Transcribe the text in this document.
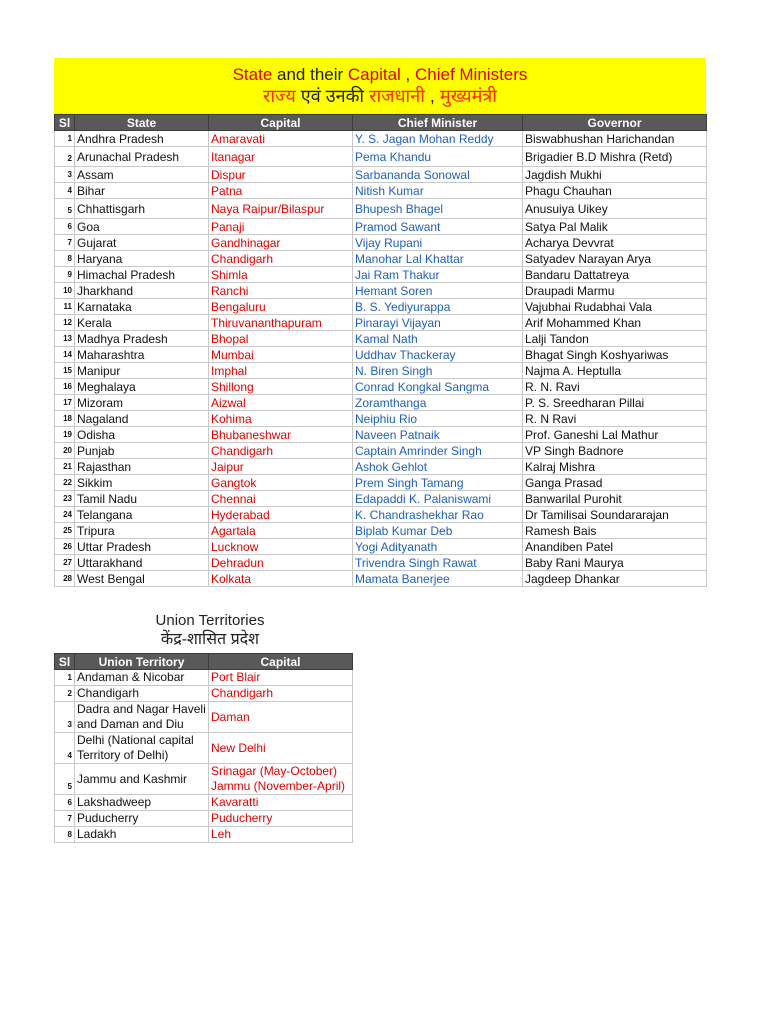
State and their Capital , Chief Ministers
राज्य एवं उनकी राजधानी , मुख्यमंत्री
Sl	State	Capital	Chief Minister	Governor
1	Andhra Pradesh	Amaravati	Y. S. Jagan Mohan Reddy	Biswabhushan Harichandan
2	Arunachal Pradesh	Itanagar	Pema Khandu	Brigadier B.D Mishra (Retd)
3	Assam	Dispur	Sarbananda Sonowal	Jagdish Mukhi
4	Bihar	Patna	Nitish Kumar	Phagu Chauhan
5	Chhattisgarh	Naya Raipur/Bilaspur	Bhupesh Bhagel	Anusuiya Uikey
6	Goa	Panaji	Pramod Sawant	Satya Pal Malik
7	Gujarat	Gandhinagar	Vijay Rupani	Acharya Devvrat
8	Haryana	Chandigarh	Manohar Lal Khattar	Satyadev Narayan Arya
9	Himachal Pradesh	Shimla	Jai Ram Thakur	Bandaru Dattatreya
10	Jharkhand	Ranchi	Hemant Soren	Draupadi Marmu
11	Karnataka	Bengaluru	B. S. Yediyurappa	Vajubhai Rudabhai Vala
12	Kerala	Thiruvananthapuram	Pinarayi Vijayan	Arif Mohammed Khan
13	Madhya Pradesh	Bhopal	Kamal Nath	Lalji Tandon
14	Maharashtra	Mumbai	Uddhav Thackeray	Bhagat Singh Koshyariwas
15	Manipur	Imphal	N. Biren Singh	Najma A. Heptulla
16	Meghalaya	Shillong	Conrad Kongkal Sangma	R. N. Ravi
17	Mizoram	Aizwal	Zoramthanga	P. S. Sreedharan Pillai
18	Nagaland	Kohima	Neiphiu Rio	R. N Ravi
19	Odisha	Bhubaneshwar	Naveen Patnaik	Prof. Ganeshi Lal Mathur
20	Punjab	Chandigarh	Captain Amrinder Singh	VP Singh Badnore
21	Rajasthan	Jaipur	Ashok Gehlot	Kalraj Mishra
22	Sikkim	Gangtok	Prem Singh Tamang	Ganga Prasad
23	Tamil Nadu	Chennai	Edapaddi K. Palaniswami	Banwarilal Purohit
24	Telangana	Hyderabad	K. Chandrashekhar Rao	Dr Tamilisai Soundararajan
25	Tripura	Agartala	Biplab Kumar Deb	Ramesh Bais
26	Uttar Pradesh	Lucknow	Yogi Adityanath	Anandiben Patel
27	Uttarakhand	Dehradun	Trivendra Singh Rawat	Baby Rani Maurya
28	West Bengal	Kolkata	Mamata Banerjee	Jagdeep Dhankar
Union Territories
केंद्र-शासित प्रदेश
Sl	Union Territory	Capital
1	Andaman & Nicobar	Port Blair
2	Chandigarh	Chandigarh
3	Dadra and Nagar Haveli and Daman and Diu	Daman
4	Delhi (National capital Territory of Delhi)	New Delhi
5	Jammu and Kashmir	Srinagar (May-October) Jammu (November-April)
6	Lakshadweep	Kavaratti
7	Puducherry	Puducherry
8	Ladakh	Leh
